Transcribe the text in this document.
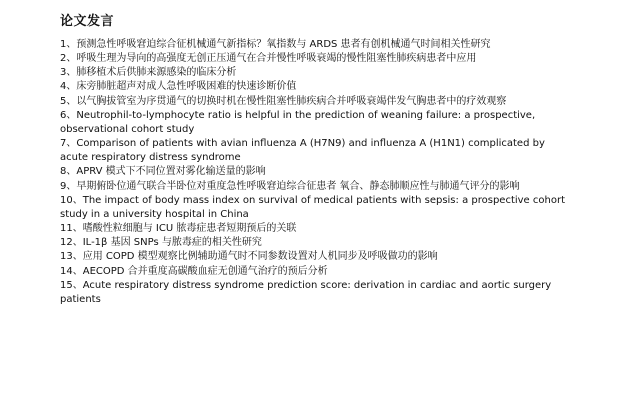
论文发言
1、预测急性呼吸窘迫综合征机械通气新指标？氧指数与 ARDS 患者有创机械通气时间相关性研究
2、呼吸生理为导向的高强度无创正压通气在合并慢性呼吸衰竭的慢性阻塞性肺疾病患者中应用
3、肺移植术后供肺来源感染的临床分析
4、床旁肺脏超声对成人急性呼吸困难的快速诊断价值
5、以气胸拔管室为序贯通气的切换时机在慢性阻塞性肺疾病合并呼吸衰竭伴发气胸患者中的疗效观察
6、Neutrophil-to-lymphocyte ratio is helpful in the prediction of weaning failure: a prospective, observational cohort study
7、Comparison of patients with avian influenza A (H7N9) and influenza A (H1N1) complicated by acute respiratory distress syndrome
8、APRV 模式下不同位置对雾化输送量的影响
9、早期俯卧位通气联合半卧位对重度急性呼吸窘迫综合征患者 氧合、静态肺顺应性与肺通气评分的影响
10、The impact of body mass index on survival of medical patients with sepsis: a prospective cohort study in a university hospital in China
11、嗜酸性粒细胞与 ICU 脓毒症患者短期预后的关联
12、IL-1β 基因 SNPs 与脓毒症的相关性研究
13、应用 COPD 模型观察比例辅助通气时不同参数设置对人机同步及呼吸做功的影响
14、AECOPD 合并重度高碳酸血症无创通气治疗的预后分析
15、Acute respiratory distress syndrome prediction score: derivation in cardiac and aortic surgery patients
